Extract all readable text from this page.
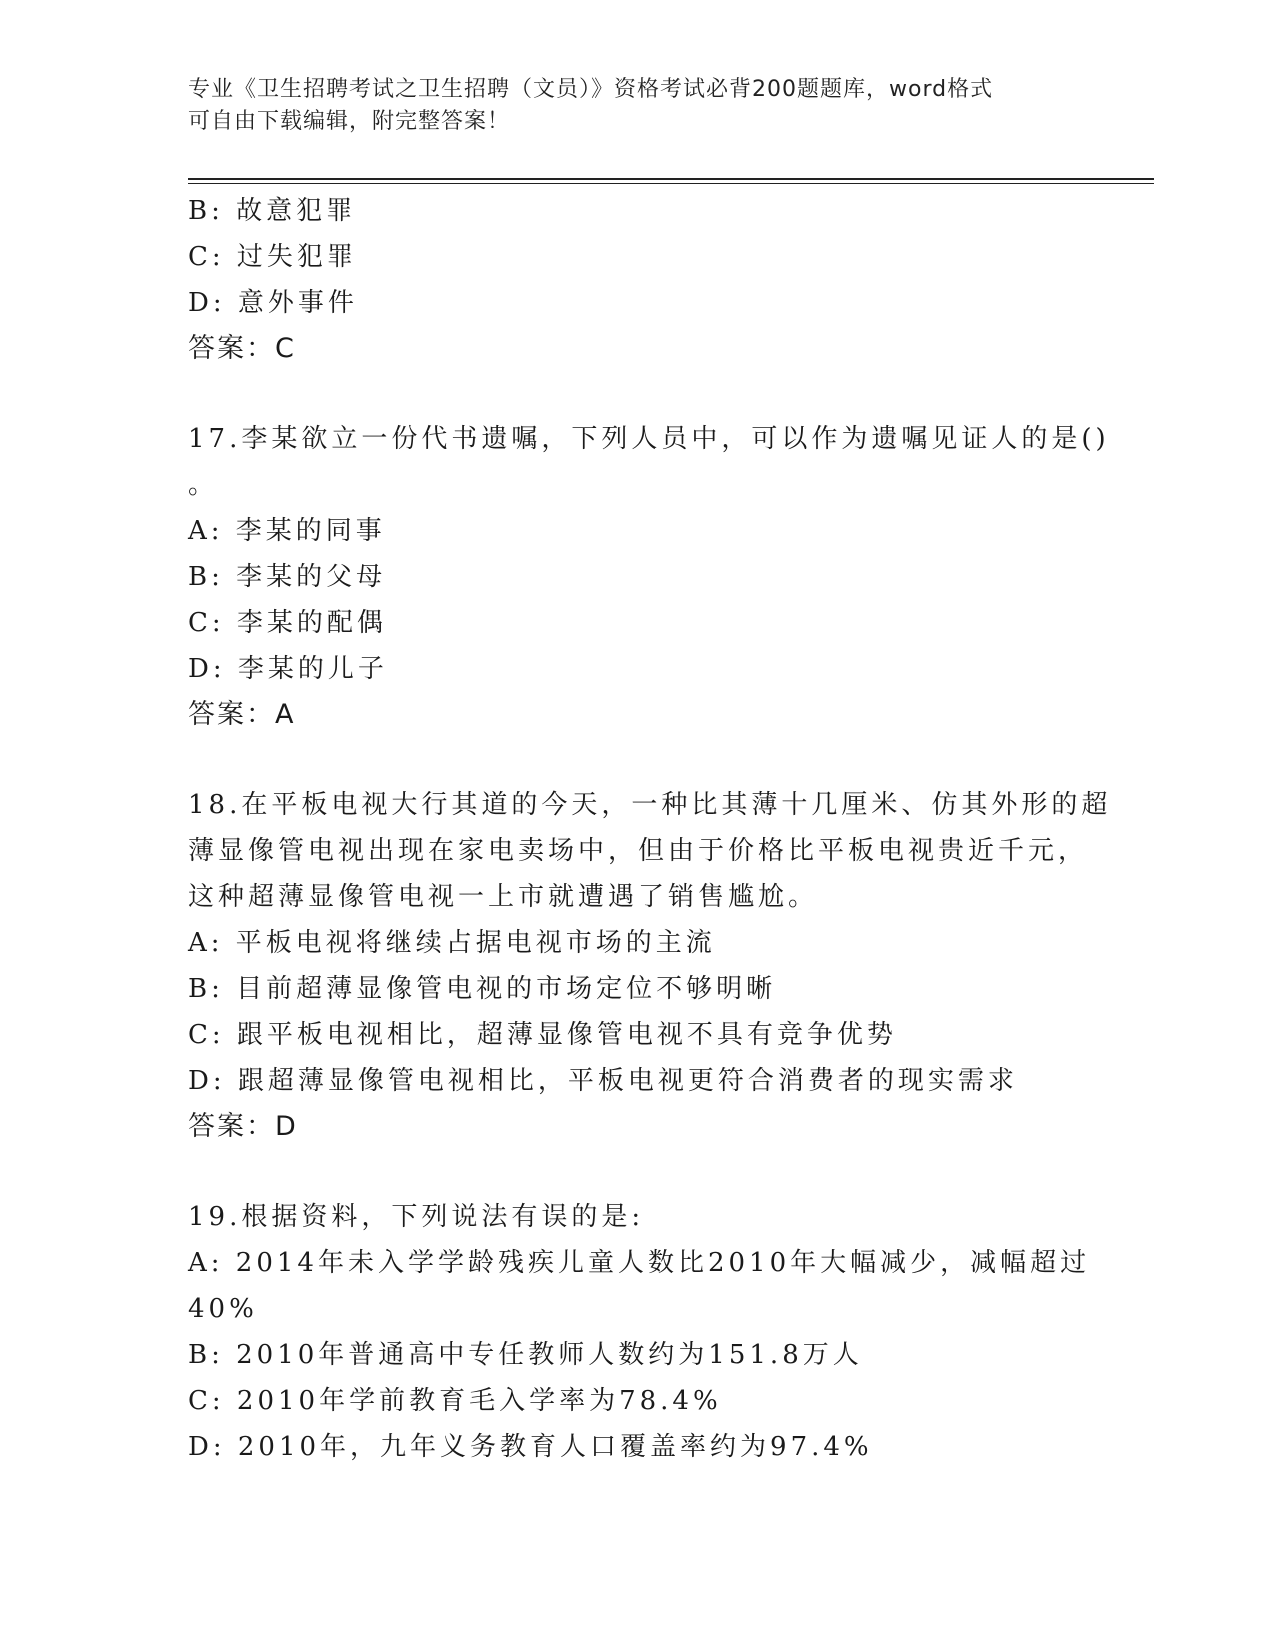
专业《卫生招聘考试之卫生招聘（文员）》资格考试必背200题题库，word格式
可自由下载编辑，附完整答案！
B: 故意犯罪
C: 过失犯罪
D: 意外事件
答案：C
17.李某欲立一份代书遗嘱，下列人员中，可以作为遗嘱见证人的是()
。
A: 李某的同事
B: 李某的父母
C: 李某的配偶
D: 李某的儿子
答案：A
18.在平板电视大行其道的今天，一种比其薄十几厘米、仿其外形的超
薄显像管电视出现在家电卖场中，但由于价格比平板电视贵近千元，
这种超薄显像管电视一上市就遭遇了销售尴尬。
A: 平板电视将继续占据电视市场的主流
B: 目前超薄显像管电视的市场定位不够明晰
C: 跟平板电视相比，超薄显像管电视不具有竞争优势
D: 跟超薄显像管电视相比，平板电视更符合消费者的现实需求
答案：D
19.根据资料，下列说法有误的是:
A: 2014年未入学学龄残疾儿童人数比2010年大幅减少，减幅超过
40%
B: 2010年普通高中专任教师人数约为151.8万人
C: 2010年学前教育毛入学率为78.4%
D: 2010年，九年义务教育人口覆盖率约为97.4%
